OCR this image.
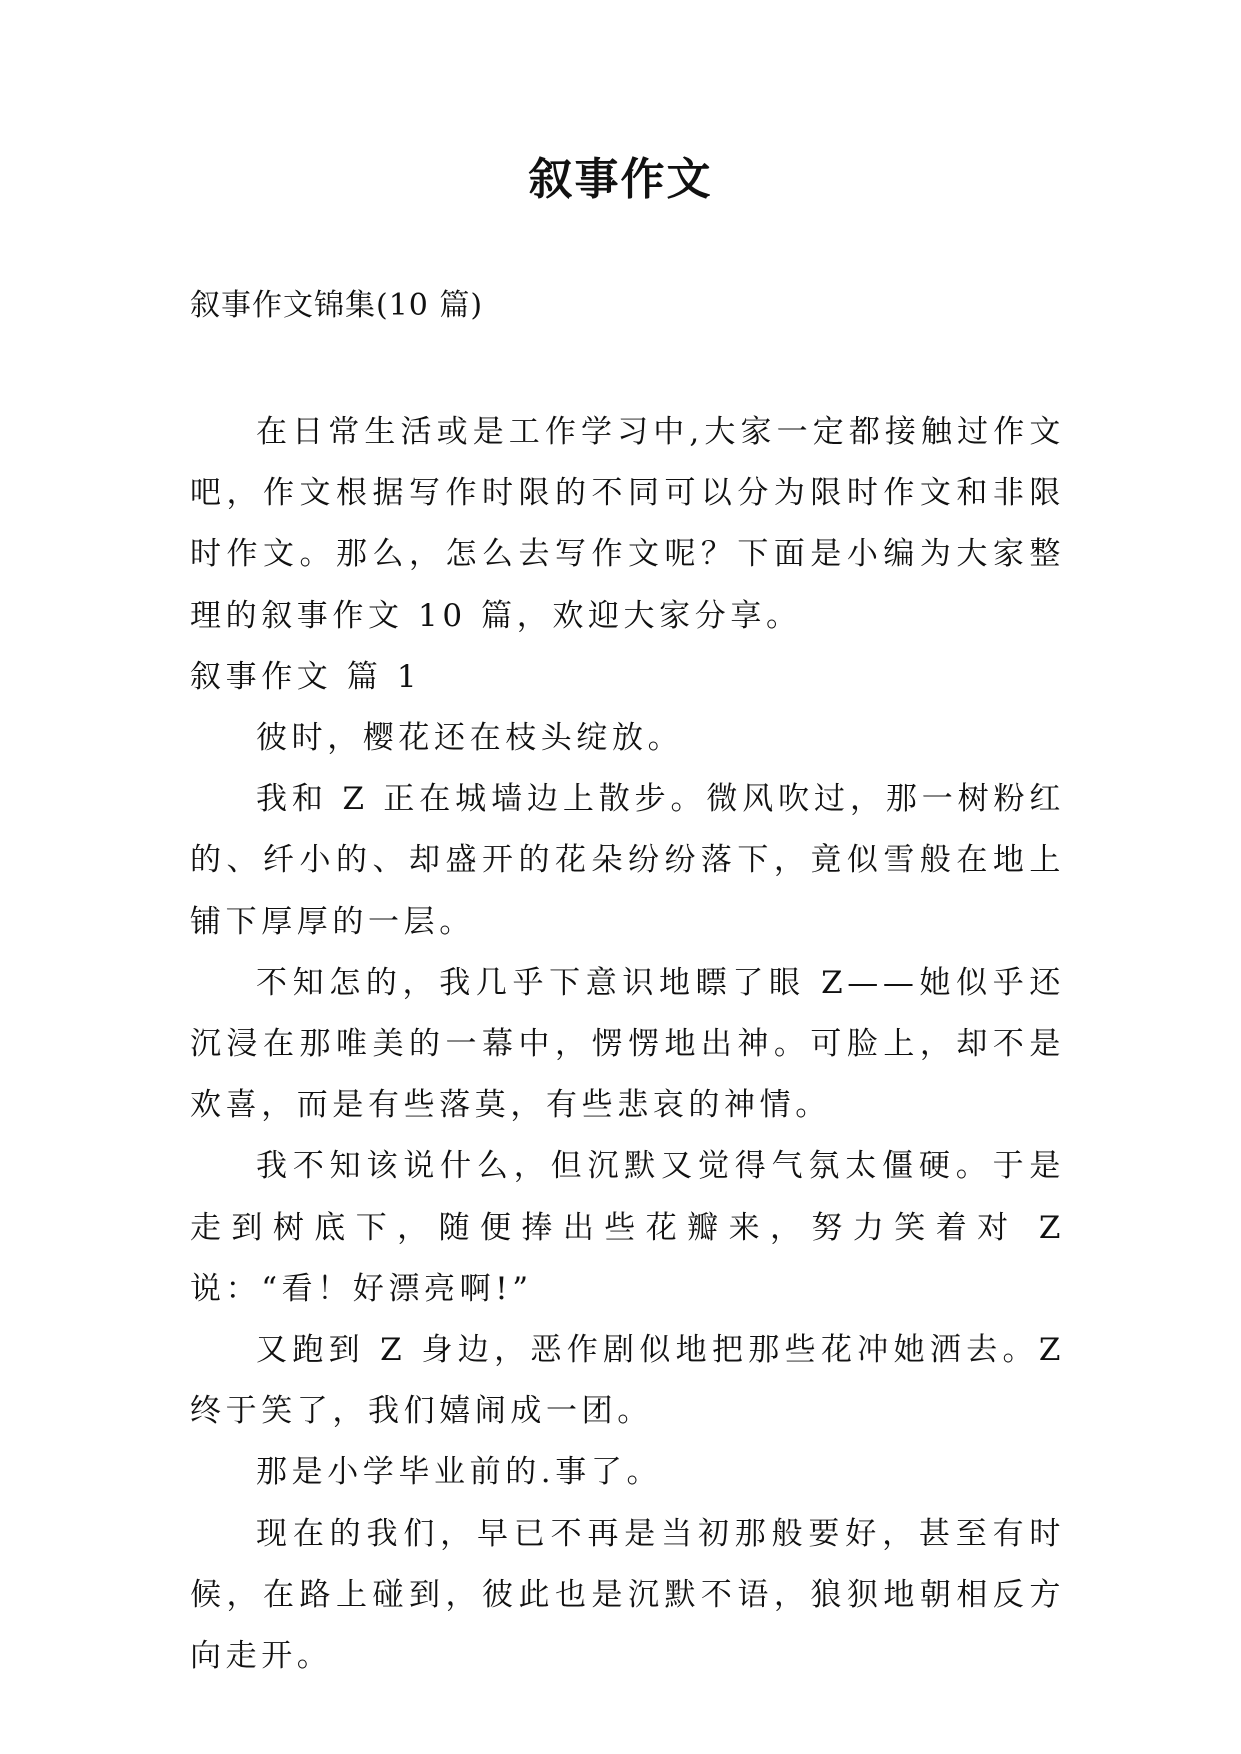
叙事作文

叙事作文锦集(10 篇)

在日常生活或是工作学习中,大家一定都接触过作文吧，作文根据写作时限的不同可以分为限时作文和非限时作文。那么，怎么去写作文呢？下面是小编为大家整理的叙事作文 10 篇，欢迎大家分享。

叙事作文 篇 1

彼时，樱花还在枝头绽放。

我和 Z 正在城墙边上散步。微风吹过，那一树粉红的、纤小的、却盛开的花朵纷纷落下，竟似雪般在地上铺下厚厚的一层。

不知怎的，我几乎下意识地瞟了眼 Z——她似乎还沉浸在那唯美的一幕中，愣愣地出神。可脸上，却不是欢喜，而是有些落莫，有些悲哀的神情。

我不知该说什么，但沉默又觉得气氛太僵硬。于是走到树底下，随便捧出些花瓣来，努力笑着对 Z 说：“看！好漂亮啊!”

又跑到 Z 身边，恶作剧似地把那些花冲她洒去。Z 终于笑了，我们嬉闹成一团。

那是小学毕业前的.事了。

现在的我们，早已不再是当初那般要好，甚至有时候，在路上碰到，彼此也是沉默不语，狼狈地朝相反方向走开。
